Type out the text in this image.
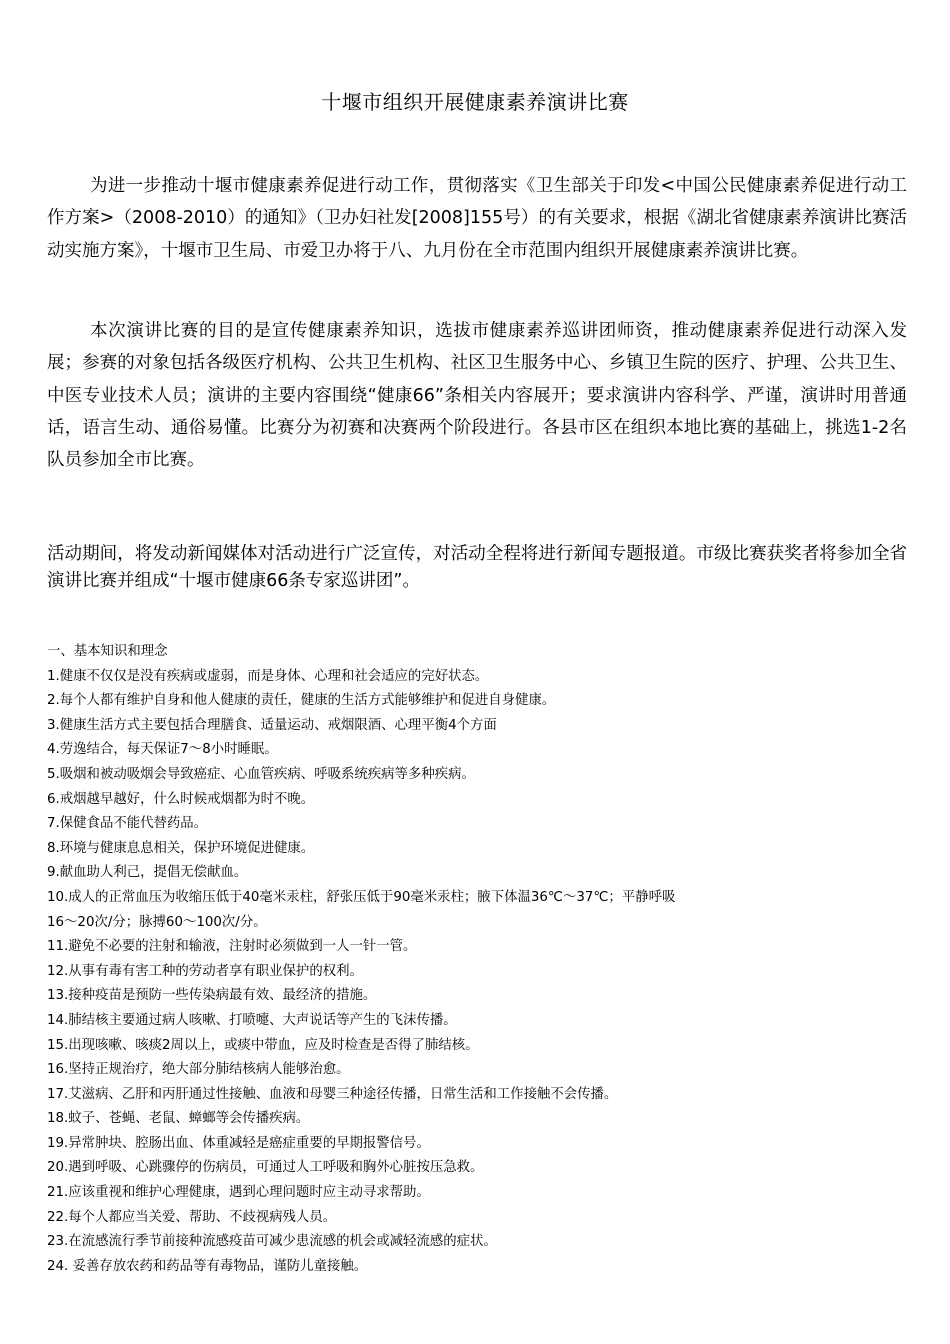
十堰市组织开展健康素养演讲比赛

为进一步推动十堰市健康素养促进行动工作，贯彻落实《卫生部关于印发<中国公民健康素养促进行动工作方案>（2008-2010）的通知》（卫办妇社发[2008]155号）的有关要求，根据《湖北省健康素养演讲比赛活动实施方案》，十堰市卫生局、市爱卫办将于八、九月份在全市范围内组织开展健康素养演讲比赛。

本次演讲比赛的目的是宣传健康素养知识，选拔市健康素养巡讲团师资，推动健康素养促进行动深入发展；参赛的对象包括各级医疗机构、公共卫生机构、社区卫生服务中心、乡镇卫生院的医疗、护理、公共卫生、中医专业技术人员；演讲的主要内容围绕“健康66”条相关内容展开；要求演讲内容科学、严谨，演讲时用普通话，语言生动、通俗易懂。比赛分为初赛和决赛两个阶段进行。各县市区在组织本地比赛的基础上，挑选1-2名队员参加全市比赛。

活动期间，将发动新闻媒体对活动进行广泛宣传，对活动全程将进行新闻专题报道。市级比赛获奖者将参加全省演讲比赛并组成“十堰市健康66条专家巡讲团”。

一、基本知识和理念
1.健康不仅仅是没有疾病或虚弱，而是身体、心理和社会适应的完好状态。
2.每个人都有维护自身和他人健康的责任，健康的生活方式能够维护和促进自身健康。
3.健康生活方式主要包括合理膳食、适量运动、戒烟限酒、心理平衡4个方面
4.劳逸结合，每天保证7～8小时睡眠。
5.吸烟和被动吸烟会导致癌症、心血管疾病、呼吸系统疾病等多种疾病。
6.戒烟越早越好，什么时候戒烟都为时不晚。
7.保健食品不能代替药品。
8.环境与健康息息相关，保护环境促进健康。
9.献血助人利己，提倡无偿献血。
10.成人的正常血压为收缩压低于40毫米汞柱，舒张压低于90毫米汞柱；腋下体温36℃～37℃；平静呼吸
16～20次/分；脉搏60～100次/分。
11.避免不必要的注射和输液，注射时必须做到一人一针一管。
12.从事有毒有害工种的劳动者享有职业保护的权利。
13.接种疫苗是预防一些传染病最有效、最经济的措施。
14.肺结核主要通过病人咳嗽、打喷嚏、大声说话等产生的飞沫传播。
15.出现咳嗽、咳痰2周以上，或痰中带血，应及时检查是否得了肺结核。
16.坚持正规治疗，绝大部分肺结核病人能够治愈。
17.艾滋病、乙肝和丙肝通过性接触、血液和母婴三种途径传播，日常生活和工作接触不会传播。
18.蚊子、苍蝇、老鼠、蟑螂等会传播疾病。
19.异常肿块、腔肠出血、体重减轻是癌症重要的早期报警信号。
20.遇到呼吸、心跳骤停的伤病员，可通过人工呼吸和胸外心脏按压急救。
21.应该重视和维护心理健康，遇到心理问题时应主动寻求帮助。
22.每个人都应当关爱、帮助、不歧视病残人员。
23.在流感流行季节前接种流感疫苗可减少患流感的机会或减轻流感的症状。
24. 妥善存放农药和药品等有毒物品，谨防儿童接触。
